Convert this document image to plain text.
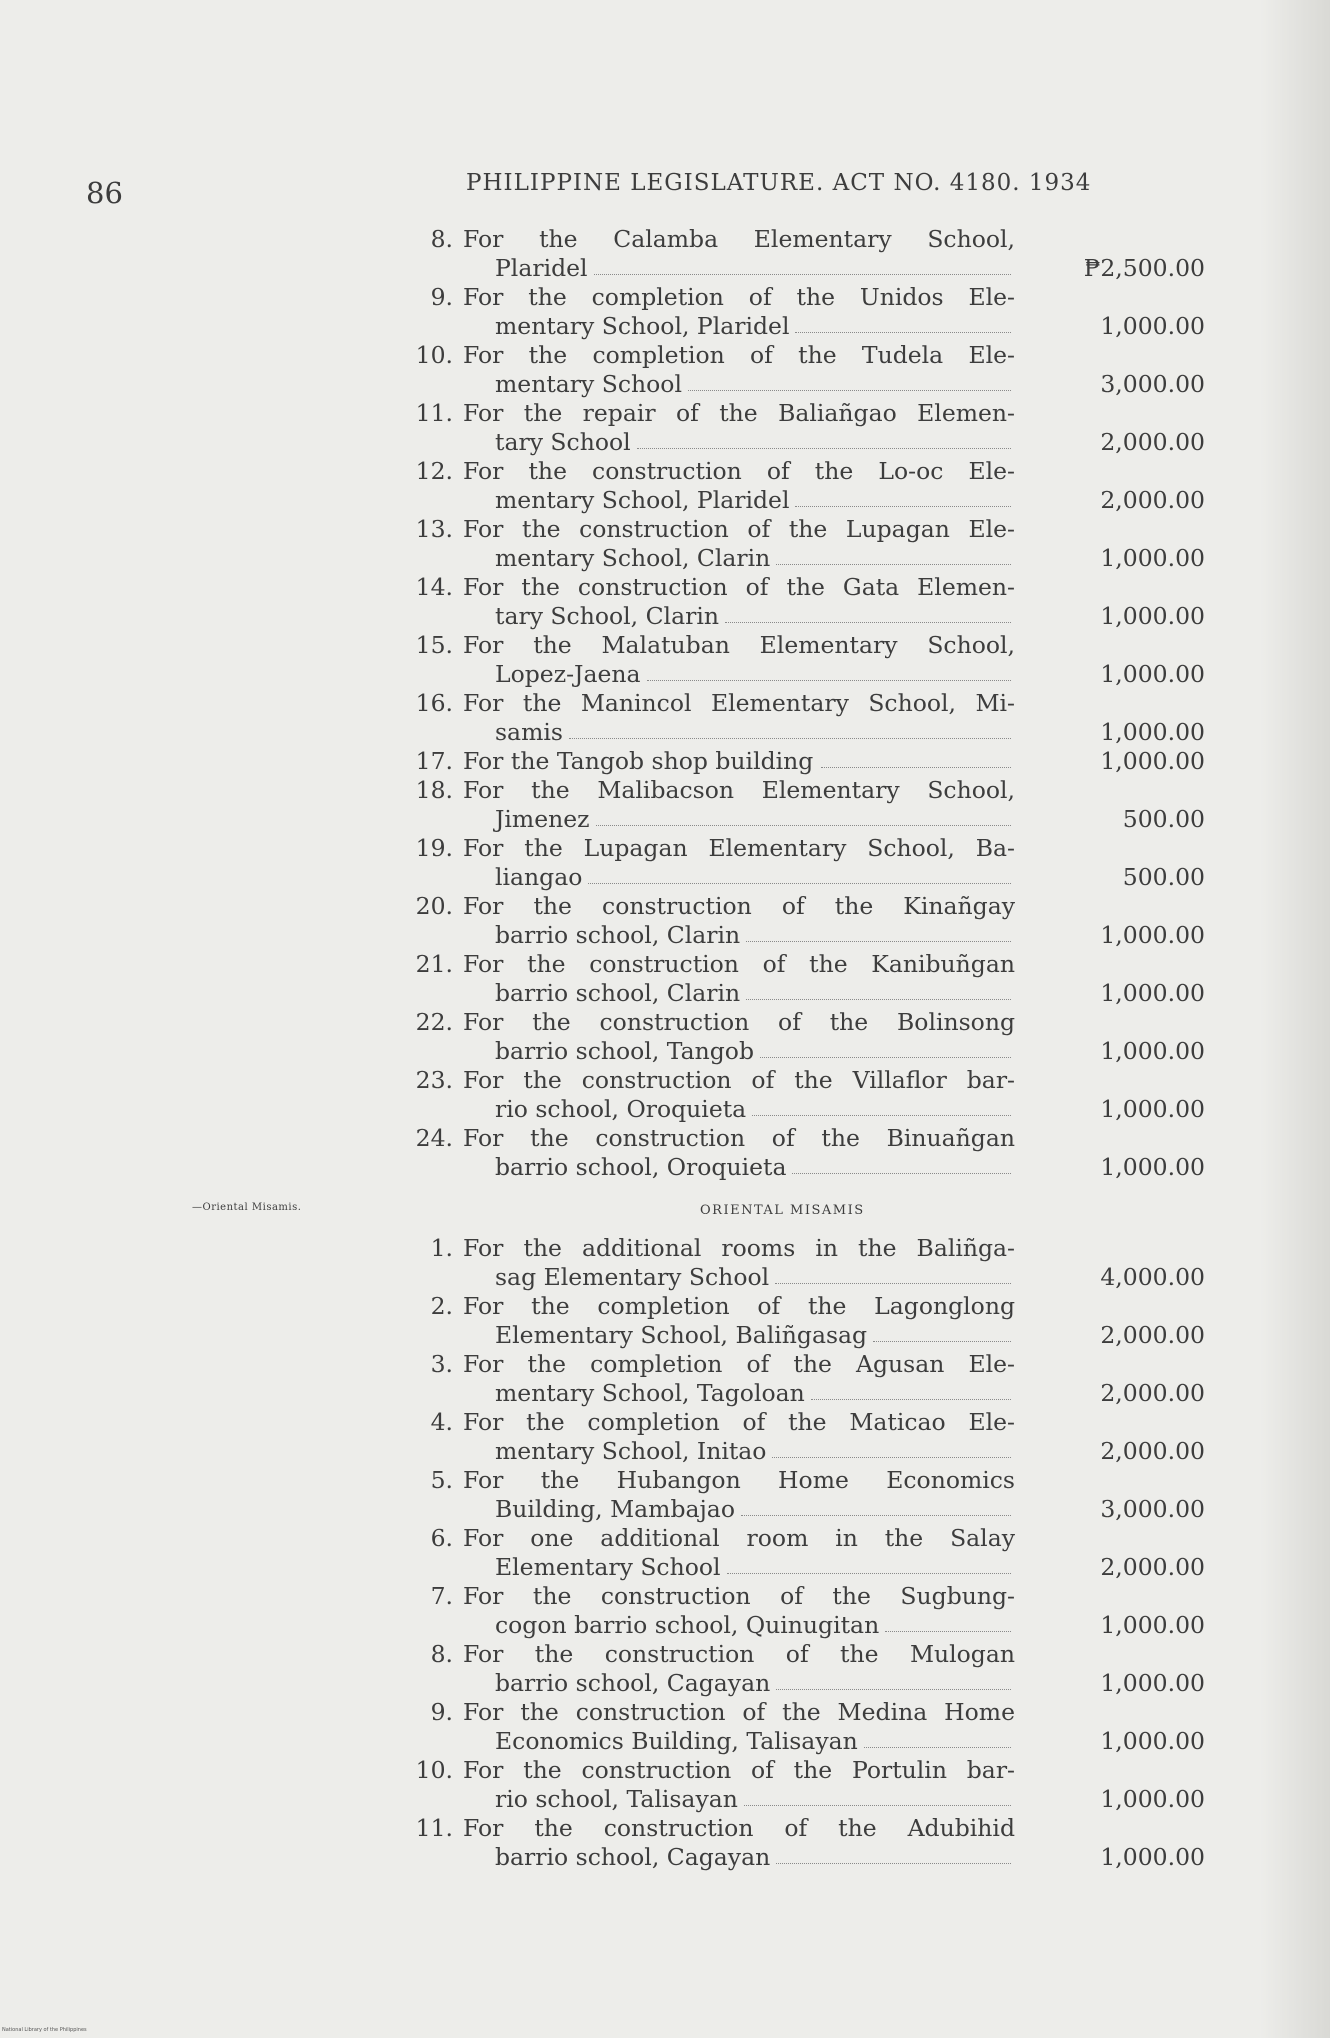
86	PHILIPPINE LEGISLATURE. ACT NO. 4180. 1934
8. For the Calamba Elementary School,
Plaridel	₱2,500.00
9. For the completion of the Unidos Ele-
mentary School, Plaridel	1,000.00
10. For the completion of the Tudela Ele-
mentary School	3,000.00
11. For the repair of the Baliañgao Elemen-
tary School	2,000.00
12. For the construction of the Lo-oc Ele-
mentary School, Plaridel	2,000.00
13. For the construction of the Lupagan Ele-
mentary School, Clarin	1,000.00
14. For the construction of the Gata Elemen-
tary School, Clarin	1,000.00
15. For the Malatuban Elementary School,
Lopez-Jaena	1,000.00
16. For the Manincol Elementary School, Mi-
samis	1,000.00
17. For the Tangob shop building	1,000.00
18. For the Malibacson Elementary School,
Jimenez	500.00
19. For the Lupagan Elementary School, Ba-
liangao	500.00
20. For the construction of the Kinañgay
barrio school, Clarin	1,000.00
21. For the construction of the Kanibuñgan
barrio school, Clarin	1,000.00
22. For the construction of the Bolinsong
barrio school, Tangob	1,000.00
23. For the construction of the Villaflor bar-
rio school, Oroquieta	1,000.00
24. For the construction of the Binuañgan
barrio school, Oroquieta	1,000.00
—Oriental Misamis.	ORIENTAL MISAMIS
1. For the additional rooms in the Baliñga-
sag Elementary School	4,000.00
2. For the completion of the Lagonglong
Elementary School, Baliñgasag	2,000.00
3. For the completion of the Agusan Ele-
mentary School, Tagoloan	2,000.00
4. For the completion of the Maticao Ele-
mentary School, Initao	2,000.00
5. For the Hubangon Home Economics
Building, Mambajao	3,000.00
6. For one additional room in the Salay
Elementary School	2,000.00
7. For the construction of the Sugbung-
cogon barrio school, Quinugitan	1,000.00
8. For the construction of the Mulogan
barrio school, Cagayan	1,000.00
9. For the construction of the Medina Home
Economics Building, Talisayan	1,000.00
10. For the construction of the Portulin bar-
rio school, Talisayan	1,000.00
11. For the construction of the Adubihid
barrio school, Cagayan	1,000.00
National Library of the Philippines
